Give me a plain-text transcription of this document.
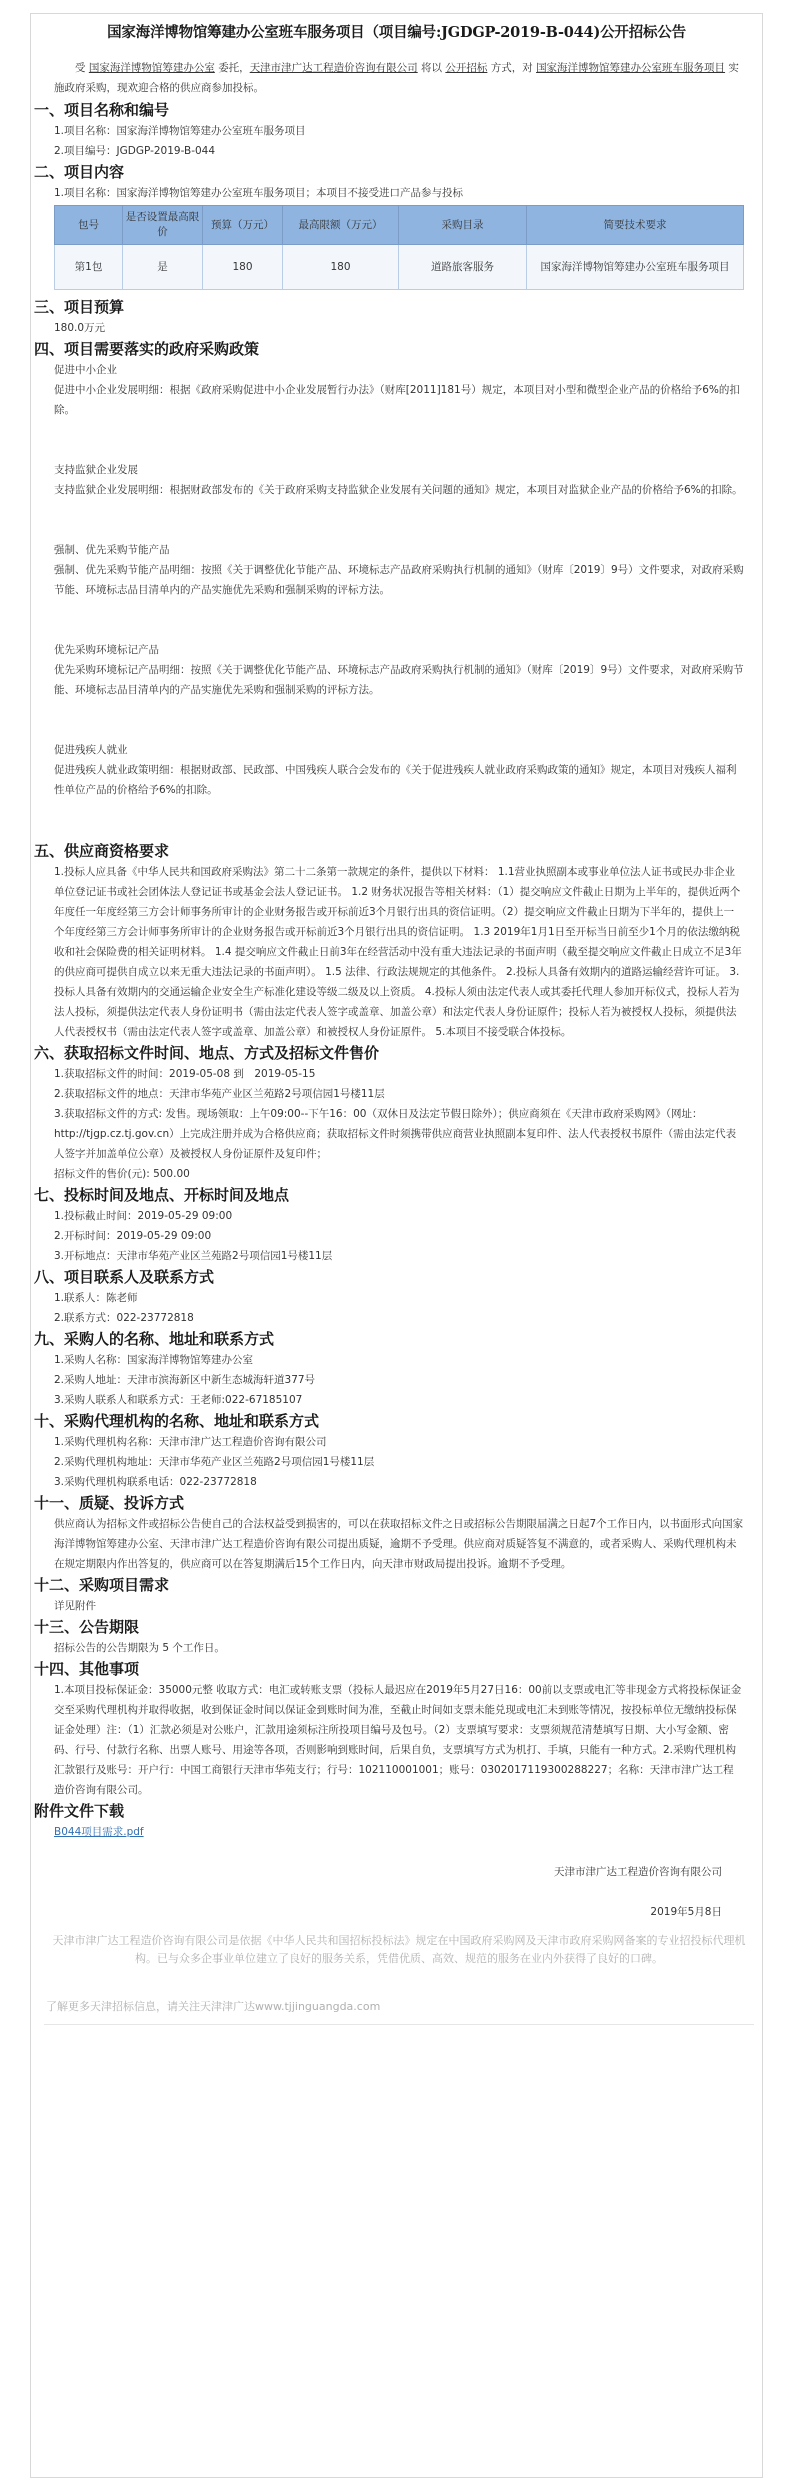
国家海洋博物馆筹建办公室班车服务项目（项目编号:JGDGP-2019-B-044)公开招标公告

受 国家海洋博物馆筹建办公室 委托，天津市津广达工程造价咨询有限公司 将以 公开招标 方式，对 国家海洋博物馆筹建办公室班车服务项目 实施政府采购，现欢迎合格的供应商参加投标。

一、项目名称和编号

1.项目名称：国家海洋博物馆筹建办公室班车服务项目

2.项目编号：JGDGP-2019-B-044

二、项目内容

1.项目名称：国家海洋博物馆筹建办公室班车服务项目；本项目不接受进口产品参与投标

包号	是否设置最高限价	预算（万元）	最高限额（万元）	采购目录	简要技术要求
第1包	是	180	180	道路旅客服务	国家海洋博物馆筹建办公室班车服务项目

三、项目预算

180.0万元

四、项目需要落实的政府采购政策

促进中小企业

促进中小企业发展明细：根据《政府采购促进中小企业发展暂行办法》（财库[2011]181号）规定，本项目对小型和微型企业产品的价格给予6%的扣除。

支持监狱企业发展

支持监狱企业发展明细：根据财政部发布的《关于政府采购支持监狱企业发展有关问题的通知》规定，本项目对监狱企业产品的价格给予6%的扣除。

强制、优先采购节能产品

强制、优先采购节能产品明细：按照《关于调整优化节能产品、环境标志产品政府采购执行机制的通知》（财库〔2019〕9号）文件要求，对政府采购节能、环境标志品目清单内的产品实施优先采购和强制采购的评标方法。

优先采购环境标记产品

优先采购环境标记产品明细：按照《关于调整优化节能产品、环境标志产品政府采购执行机制的通知》（财库〔2019〕9号）文件要求，对政府采购节能、环境标志品目清单内的产品实施优先采购和强制采购的评标方法。

促进残疾人就业

促进残疾人就业政策明细：根据财政部、民政部、中国残疾人联合会发布的《关于促进残疾人就业政府采购政策的通知》规定，本项目对残疾人福利性单位产品的价格给予6%的扣除。

五、供应商资格要求

1.投标人应具备《中华人民共和国政府采购法》第二十二条第一款规定的条件，提供以下材料： 1.1营业执照副本或事业单位法人证书或民办非企业单位登记证书或社会团体法人登记证书或基金会法人登记证书。 1.2 财务状况报告等相关材料：（1）提交响应文件截止日期为上半年的，提供近两个年度任一年度经第三方会计师事务所审计的企业财务报告或开标前近3个月银行出具的资信证明。（2）提交响应文件截止日期为下半年的，提供上一个年度经第三方会计师事务所审计的企业财务报告或开标前近3个月银行出具的资信证明。 1.3 2019年1月1日至开标当日前至少1个月的依法缴纳税收和社会保险费的相关证明材料。 1.4 提交响应文件截止日前3年在经营活动中没有重大违法记录的书面声明（截至提交响应文件截止日成立不足3年的供应商可提供自成立以来无重大违法记录的书面声明）。 1.5 法律、行政法规规定的其他条件。 2.投标人具备有效期内的道路运输经营许可证。 3.投标人具备有效期内的交通运输企业安全生产标准化建设等级二级及以上资质。 4.投标人须由法定代表人或其委托代理人参加开标仪式，投标人若为法人投标，须提供法定代表人身份证明书（需由法定代表人签字或盖章、加盖公章）和法定代表人身份证原件；投标人若为被授权人投标，须提供法人代表授权书（需由法定代表人签字或盖章、加盖公章）和被授权人身份证原件。 5.本项目不接受联合体投标。

六、获取招标文件时间、地点、方式及招标文件售价

1.获取招标文件的时间：2019-05-08 到　2019-05-15

2.获取招标文件的地点：天津市华苑产业区兰苑路2号项信园1号楼11层

3.获取招标文件的方式: 发售。现场领取：上午09:00--下午16：00（双休日及法定节假日除外）；供应商须在《天津市政府采购网》（网址：http://tjgp.cz.tj.gov.cn）上完成注册并成为合格供应商；获取招标文件时须携带供应商营业执照副本复印件、法人代表授权书原件（需由法定代表人签字并加盖单位公章）及被授权人身份证原件及复印件；

招标文件的售价(元): 500.00

七、投标时间及地点、开标时间及地点

1.投标截止时间：2019-05-29 09:00

2.开标时间：2019-05-29 09:00

3.开标地点：天津市华苑产业区兰苑路2号项信园1号楼11层

八、项目联系人及联系方式

1.联系人：陈老师

2.联系方式：022-23772818

九、采购人的名称、地址和联系方式

1.采购人名称：国家海洋博物馆筹建办公室

2.采购人地址：天津市滨海新区中新生态城海轩道377号

3.采购人联系人和联系方式：王老师:022-67185107

十、采购代理机构的名称、地址和联系方式

1.采购代理机构名称：天津市津广达工程造价咨询有限公司

2.采购代理机构地址：天津市华苑产业区兰苑路2号项信园1号楼11层

3.采购代理机构联系电话：022-23772818

十一、质疑、投诉方式

供应商认为招标文件或招标公告使自己的合法权益受到损害的，可以在获取招标文件之日或招标公告期限届满之日起7个工作日内，以书面形式向国家海洋博物馆筹建办公室、天津市津广达工程造价咨询有限公司提出质疑，逾期不予受理。供应商对质疑答复不满意的，或者采购人、采购代理机构未在规定期限内作出答复的，供应商可以在答复期满后15个工作日内，向天津市财政局提出投诉。逾期不予受理。

十二、采购项目需求

详见附件

十三、公告期限

招标公告的公告期限为 5 个工作日。

十四、其他事项

1.本项目投标保证金：35000元整 收取方式：电汇或转账支票（投标人最迟应在2019年5月27日16：00前以支票或电汇等非现金方式将投标保证金交至采购代理机构并取得收据，收到保证金时间以保证金到账时间为准，至截止时间如支票未能兑现或电汇未到账等情况，按投标单位无缴纳投标保证金处理）注：（1）汇款必须是对公账户，汇款用途须标注所投项目编号及包号。（2）支票填写要求：支票须规范清楚填写日期、大小写金额、密码、行号、付款行名称、出票人账号、用途等各项，否则影响到账时间，后果自负，支票填写方式为机打、手填，只能有一种方式。2.采购代理机构汇款银行及账号：开户行：中国工商银行天津市华苑支行；行号：102110001001；账号：0302017119300288227；名称：天津市津广达工程造价咨询有限公司。

附件文件下载

B044项目需求.pdf

天津市津广达工程造价咨询有限公司

2019年5月8日

天津市津广达工程造价咨询有限公司是依据《中华人民共和国招标投标法》规定在中国政府采购网及天津市政府采购网备案的专业招投标代理机构。已与众多企事业单位建立了良好的服务关系，凭借优质、高效、规范的服务在业内外获得了良好的口碑。
了解更多天津招标信息，请关注天津津广达www.tjjinguangda.com
